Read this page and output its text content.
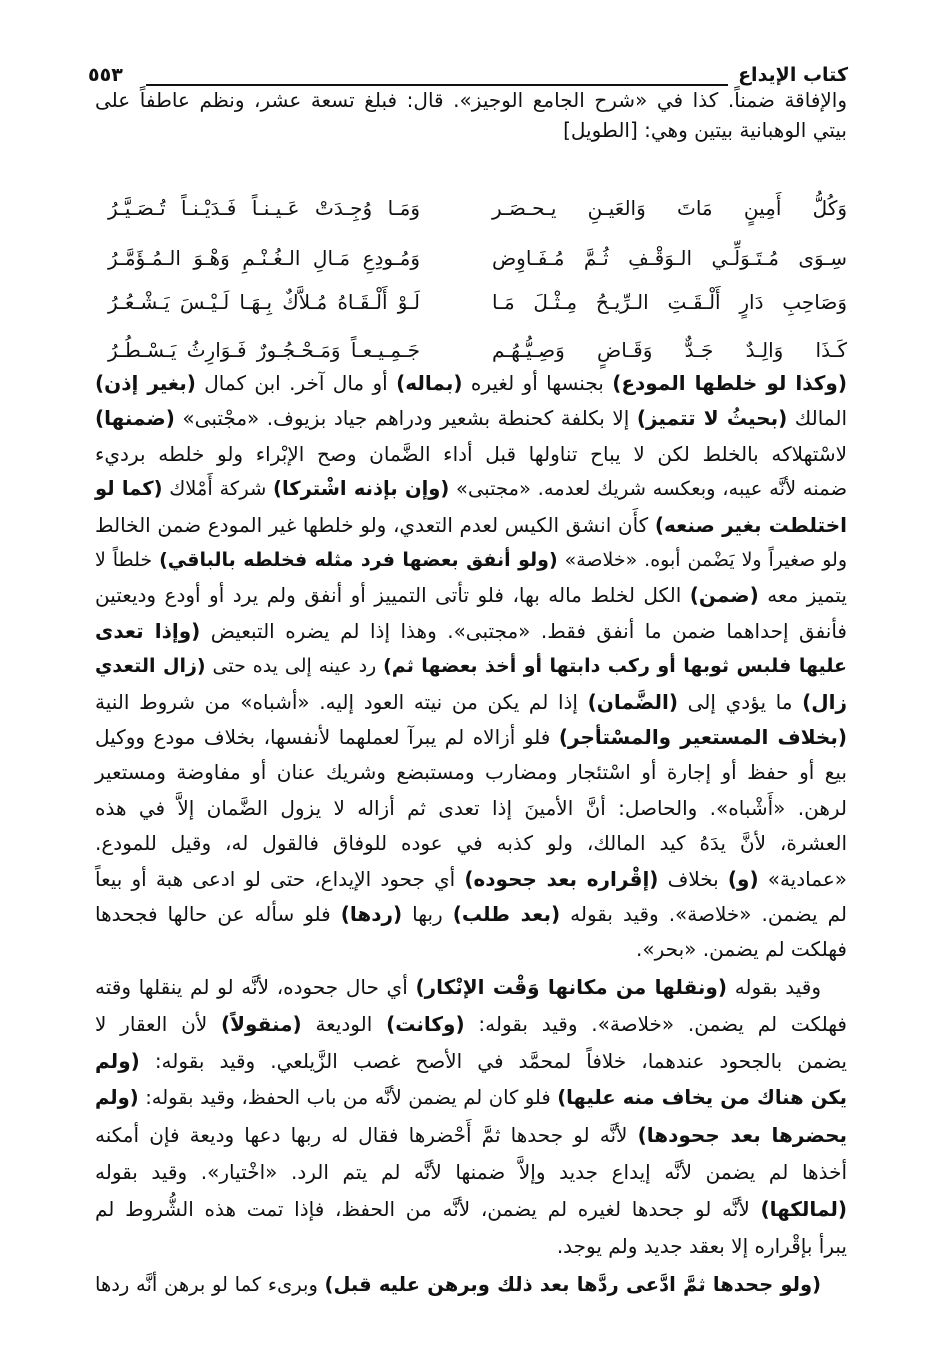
كتاب الإيداع
٥٥٣
والإفاقة ضمناً. كذا في «شرح الجامع الوجيز». قال: فبلغ تسعة عشر، ونظم عاطفاً على
بيتي الوهبانية بيتين وهي: [الطويل]
وَكُلُّ أَمِينٍ مَاتَ وَالعَيـنِ يـحـصَـر
وَمَـا وُجِـدَتْ عَـيـنـاً فَـدَيْـنـاً تُـصَـيَّـرُ
سِـوَى مُـتَـوَلِّـي الـوَقْـفِ ثُـمَّ مُـفَـاوِض
وَمُـودِعِ مَـالِ الـغُـنْـمِ وَهْـوَ الـمُـؤَمَّـرُ
وَصَاحِبِ دَارٍ أَلْـقَـتِ الـرِّيـحُ مِـثْـلَ مَـا
لَـوْ أَلْـقَـاهُ مُـلاَّكٌ بِـهَـا لَـيْـسَ يَـشْـعُـرُ
كَـذَا وَالِـدٌ جَـدٌّ وَقَـاضٍ وَصِـيُّـهُـم
جَـمِـيـعـاً وَمَـحْـجُـورٌ فَـوَارِثُ يَـسْـطُـرُ
(وكذا لو خلطها المودع) بجنسها أو لغيره (بماله) أو مال آخر. ابن كمال (بغير إذن)
المالك (بحيثُ لا تتميز) إلا بكلفة كحنطة بشعير ودراهم جياد بزيوف. «مجْتبى» (ضمنها)
لاسْتهلاكه بالخلط لكن لا يباح تناولها قبل أداء الضَّمان وصح الإبْراء ولو خلطه برديء
ضمنه لأنَّه عيبه، وبعكسه شريك لعدمه. «مجتبى» (وإن بإذنه اشْتركا) شركة أَمْلاك (كما لو
اختلطت بغير صنعه) كأَن انشق الكيس لعدم التعدي، ولو خلطها غير المودع ضمن الخالط
ولو صغيراً ولا يَضْمن أبوه. «خلاصة» (ولو أنفق بعضها فرد مثله فخلطه بالباقي) خلطاً لا
يتميز معه (ضمن) الكل لخلط ماله بها، فلو تأتى التمييز أو أنفق ولم يرد أو أودع وديعتين
فأنفق إحداهما ضمن ما أنفق فقط. «مجتبى». وهذا إذا لم يضره التبعيض (وإذا تعدى
عليها فلبس ثوبها أو ركب دابتها أو أخذ بعضها ثم) رد عينه إلى يده حتى (زال التعدي
زال) ما يؤدي إلى (الضَّمان) إذا لم يكن من نيته العود إليه. «أشباه» من شروط النية
(بخلاف المستعير والمسْتأجر) فلو أزالاه لم يبرآ لعملهما لأنفسها، بخلاف مودع ووكيل
بيع أو حفظ أو إجارة أو اسْتئجار ومضارب ومستبضع وشريك عنان أو مفاوضة ومستعير
لرهن. «أَشْباه». والحاصل: أنَّ الأمينَ إذا تعدى ثم أزاله لا يزول الضَّمان إلاَّ في هذه
العشرة، لأنَّ يدَهُ كيد المالك، ولو كذبه في عوده للوفاق فالقول له، وقيل للمودع.
«عمادية» (و) بخلاف (إقْراره بعد جحوده) أي جحود الإيداع، حتى لو ادعى هبة أو بيعاً
لم يضمن. «خلاصة». وقيد بقوله (بعد طلب) ربها (ردها) فلو سأله عن حالها فجحدها
فهلكت لم يضمن. «بحر».
وقيد بقوله (ونقلها من مكانها وَقْت الإنْكار) أي حال جحوده، لأنَّه لو لم ينقلها وقته
فهلكت لم يضمن. «خلاصة». وقيد بقوله: (وكانت) الوديعة (منقولاً) لأن العقار لا
يضمن بالجحود عندهما، خلافاً لمحمَّد في الأصح غصب الزَّيلعي. وقيد بقوله: (ولم
يكن هناك من يخاف منه عليها) فلو كان لم يضمن لأنَّه من باب الحفظ، وقيد بقوله: (ولم
يحضرها بعد جحودها) لأنَّه لو جحدها ثمَّ أَحْضرها فقال له ربها دعها وديعة فإن أمكنه
أخذها لم يضمن لأنَّه إيداع جديد وإلاَّ ضمنها لأنَّه لم يتم الرد. «اخْتيار». وقيد بقوله
(لمالكها) لأنَّه لو جحدها لغيره لم يضمن، لأنَّه من الحفظ، فإذا تمت هذه الشُّروط لم
يبرأ بإقْراره إلا بعقد جديد ولم يوجد.
(ولو جحدها ثمَّ ادَّعى ردَّها بعد ذلك وبرهن عليه قبل) وبرىء كما لو برهن أنَّه ردها
